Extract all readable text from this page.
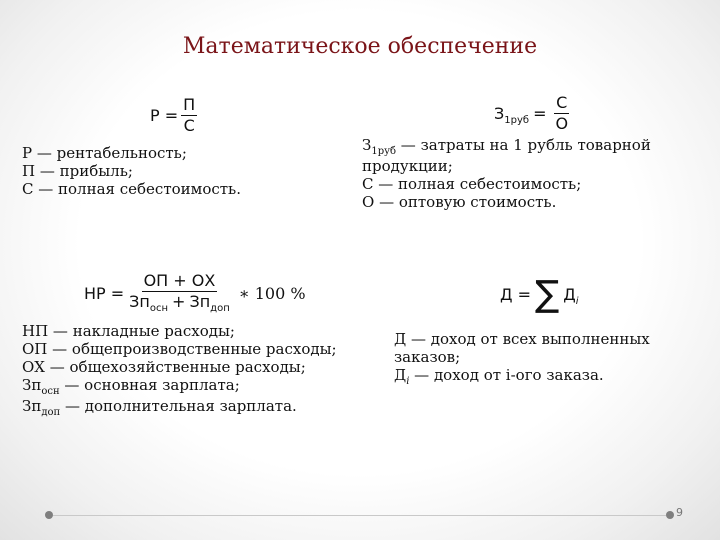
Математическое обеспечение
$Р = \frac{П}{С}$
Р — рентабельность;
П — прибыль;
С — полная себестоимость.
$З_{1руб} = \frac{С}{О}$
$З_{1руб}$ — затраты на 1 рубль товарной
продукции;
С — полная себестоимость;
О — оптовую стоимость.
НР = $\frac{ОП + ОХ}{Зп_{осн} + Зп_{доп}}$ ∗ 100 %
НП — накладные расходы;
ОП — общепроизводственные расходы;
ОХ — общехозяйственные расходы;
$Зп_{осн}$ — основная зарплата;
$Зп_{доп}$ — дополнительная зарплата.
Д = ∑ $Д_i$
Д — доход от всех выполненных
заказов;
$Д_i$ — доход от i-ого заказа.
9
